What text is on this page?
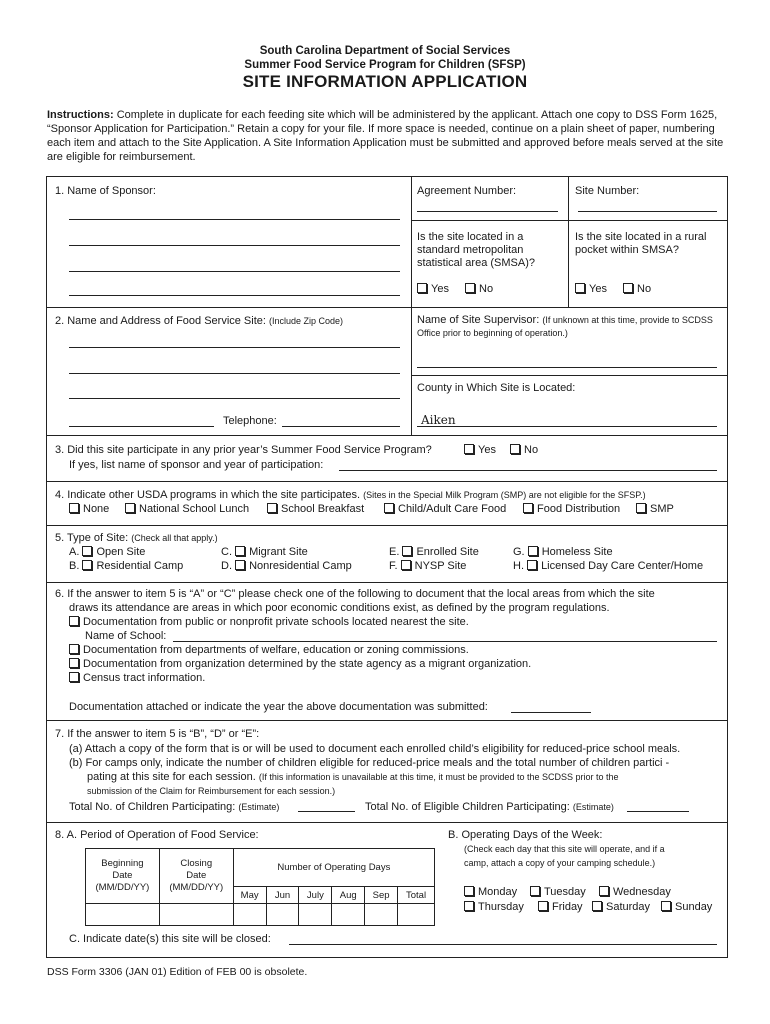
South Carolina Department of Social Services
Summer Food Service Program for Children (SFSP)
SITE INFORMATION APPLICATION
Instructions: Complete in duplicate for each feeding site which will be administered by the applicant. Attach one copy to DSS Form 1625, “Sponsor Application for Participation.” Retain a copy for your file. If more space is needed, continue on a plain sheet of paper, numbering each item and attach to the Site Application. A Site Information Application must be submitted and approved before meals served at the site are eligible for reimbursement.
1. Name of Sponsor:	Agreement Number:	Site Number:
Is the site located in a standard metropolitan statistical area (SMSA)?
Is the site located in a rural pocket within SMSA?
Yes	No	Yes	No
2. Name and Address of Food Service Site: (Include Zip Code)
Telephone:
Name of Site Supervisor: (If unknown at this time, provide to SCDSS Office prior to beginning of operation.)
County in Which Site is Located:
Aiken
3. Did this site participate in any prior year’s Summer Food Service Program?	Yes	No
If yes, list name of sponsor and year of participation:
4. Indicate other USDA programs in which the site participates. (Sites in the Special Milk Program (SMP) are not eligible for the SFSP.)
None	National School Lunch	School Breakfast	Child/Adult Care Food	Food Distribution	SMP
5. Type of Site: (Check all that apply.)
A. Open Site
B. Residential Camp
C. Migrant Site
D. Nonresidential Camp
E. Enrolled Site
F. NYSP Site
G. Homeless Site
H. Licensed Day Care Center/Home
6. If the answer to item 5 is “A” or “C” please check one of the following to document that the local areas from which the site
draws its attendance are areas in which poor economic conditions exist, as defined by the program regulations.
Documentation from public or nonprofit private schools located nearest the site.
Name of School:
Documentation from departments of welfare, education or zoning commissions.
Documentation from organization determined by the state agency as a migrant organization.
Census tract information.
Documentation attached or indicate the year the above documentation was submitted:
7. If the answer to item 5 is “B”, “D” or “E”:
(a) Attach a copy of the form that is or will be used to document each enrolled child’s eligibility for reduced-price school meals.
(b) For camps only, indicate the number of children eligible for reduced-price meals and the total number of children partici -
pating at this site for each session. (If this information is unavailable at this time, it must be provided to the SCDSS prior to the
submission of the Claim for Reimbursement for each session.)
Total No. of Children Participating: (Estimate)	Total No. of Eligible Children Participating: (Estimate)
8. A. Period of Operation of Food Service:
Beginning
Date
(MM/DD/YY)	Closing
Date
(MM/DD/YY)	Number of Operating Days					
		May	Jun	July	Aug	Sep	Total

B. Operating Days of the Week:
(Check each day that this site will operate, and if a
camp, attach a copy of your camping schedule.)
Monday	Tuesday	Wednesday
Thursday	Friday	Saturday	Sunday
C. Indicate date(s) this site will be closed:
DSS Form 3306 (JAN 01) Edition of FEB 00 is obsolete.
